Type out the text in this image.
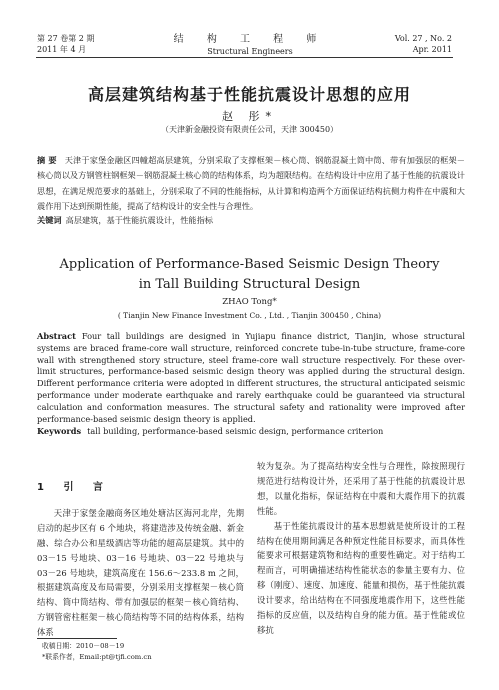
第 27 卷第 2 期
2011 年 4 月
结 构 工 程 师
Structural Engineers
Vol. 27 , No. 2
Apr. 2011
高层建筑结构基于性能抗震设计思想的应用
赵 彤*
（天津新金融投资有限责任公司，天津 300450）
摘 要 天津于家堡金融区四幢超高层建筑，分别采取了支撑框架－核心筒、钢筋混凝土筒中筒、带有加强层的框架－核心筒以及方钢管柱钢框架－钢筋混凝土核心筒的结构体系，均为超限结构。在结构设计中应用了基于性能的抗震设计思想，在满足规范要求的基础上，分别采取了不同的性能指标，从计算和构造两个方面保证结构抗侧力构件在中震和大震作用下达到预期性能，提高了结构设计的安全性与合理性。
关键词 高层建筑，基于性能抗震设计，性能指标
Application of Performance-Based Seismic Design Theory
in Tall Building Structural Design
ZHAO Tong*
( Tianjin New Finance Investment Co. , Ltd. , Tianjin 300450 , China)
Abstract Four tall buildings are designed in Yujiapu finance district, Tianjin, whose structural systems are braced frame-core wall structure, reinforced concrete tube-in-tube structure, frame-core wall with strengthened story structure, steel frame-core wall structure respectively. For these over-limit structures, performance-based seismic design theory was applied during the structural design. Different performance criteria were adopted in different structures, the structural anticipated seismic performance under moderate earthquake and rarely earthquake could be guaranteed via structural calculation and conformation measures. The structural safety and rationality were improved after performance-based seismic design theory is applied.
Keywords tall building, performance-based seismic design, performance criterion
1 引 言
天津于家堡金融商务区地处塘沽区海河北岸，先期启动的起步区有 6 个地块，将建造涉及传统金融、新金融、综合办公和星级酒店等功能的超高层建筑。其中的 03－15 号地块、03－16 号地块、03－22 号地块与 03－26 号地块，建筑高度在 156.6～233.8 m 之间，根据建筑高度及布局需要，分别采用支撑框架－核心筒结构、筒中筒结构、带有加强层的框架－核心筒结构、方钢管密柱框架－核心筒结构等不同的结构体系，结构体系
较为复杂。为了提高结构安全性与合理性，除按照现行规范进行结构设计外，还采用了基于性能的抗震设计思想，以量化指标，保证结构在中震和大震作用下的抗震性能。
基于性能抗震设计的基本思想就是使所设计的工程结构在使用期间满足各种预定性能目标要求，而具体性能要求可根据建筑物和结构的重要性确定。对于结构工程而言，可明确描述结构性能状态的参量主要有力、位移（刚度）、速度、加速度、能量和损伤，基于性能抗震设计要求，给出结构在不同强度地震作用下，这些性能指标的反应值，以及结构自身的能力值。基于性能或位移抗
收稿日期：2010－08－19
*联系作者，Email:pt@tjfi.com.cn
